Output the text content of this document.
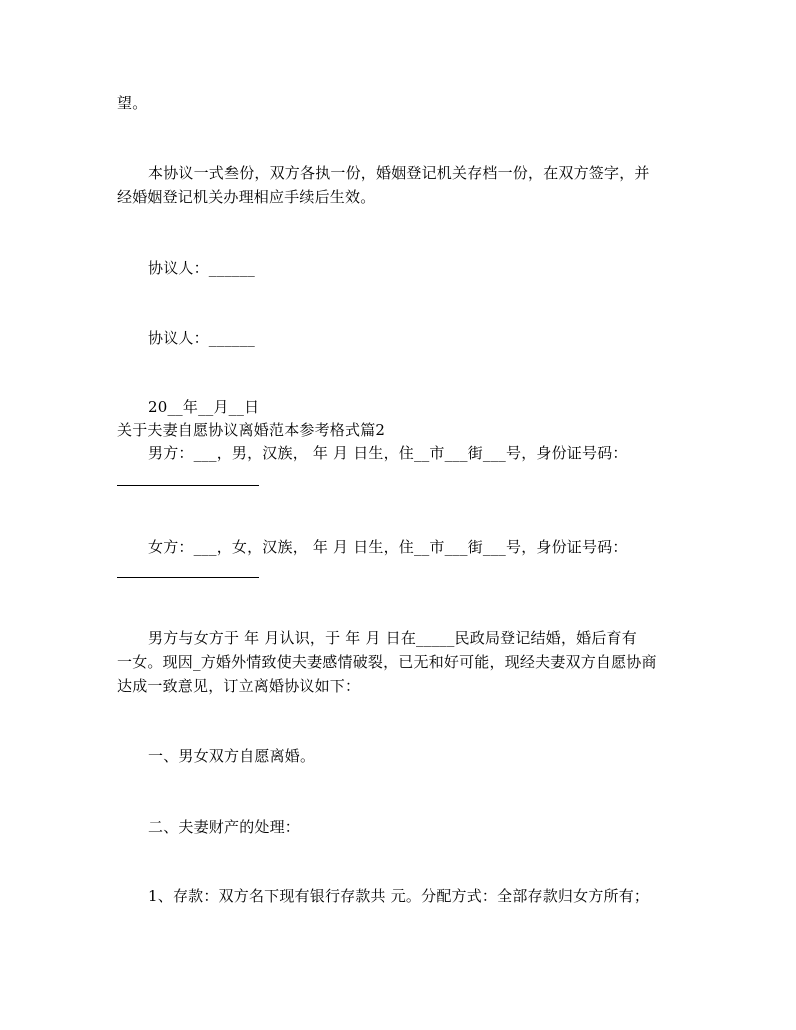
望。
本协议一式叁份，双方各执一份，婚姻登记机关存档一份，在双方签字，并
经婚姻登记机关办理相应手续后生效。
协议人：______
协议人：______
20__年__月__日
关于夫妻自愿协议离婚范本参考格式篇2
男方：___，男，汉族， 年 月 日生，住__市___街___号，身份证号码：
女方：___，女，汉族， 年 月 日生，住__市___街___号，身份证号码：
男方与女方于 年 月认识，于 年 月 日在_____民政局登记结婚，婚后育有
一女。现因_方婚外情致使夫妻感情破裂，已无和好可能，现经夫妻双方自愿协商
达成一致意见，订立离婚协议如下：
一、男女双方自愿离婚。
二、夫妻财产的处理：
1、存款：双方名下现有银行存款共 元。分配方式：全部存款归女方所有；
